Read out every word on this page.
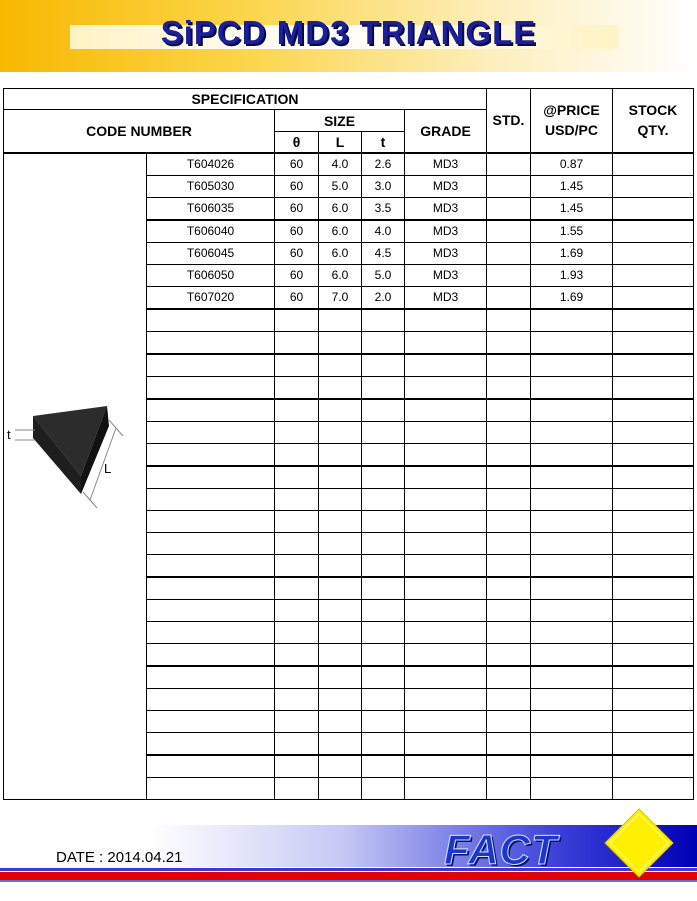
SiPCD MD3 TRIANGLE
SPECIFICATION						STD.	@PRICE USD/PC	STOCK QTY.
CODE NUMBER		SIZE			GRADE			
		θ	L	t				

t
L	T604026	60	4.0	2.6	MD3		0.87	
	T605030	60	5.0	3.0	MD3		1.45	
	T606035	60	6.0	3.5	MD3		1.45	
	T606040	60	6.0	4.0	MD3		1.55	
	T606045	60	6.0	4.5	MD3		1.69	
	T606050	60	6.0	5.0	MD3		1.93	
	T607020	60	7.0	2.0	MD3		1.69	

DATE : 2014.04.21	FACT
